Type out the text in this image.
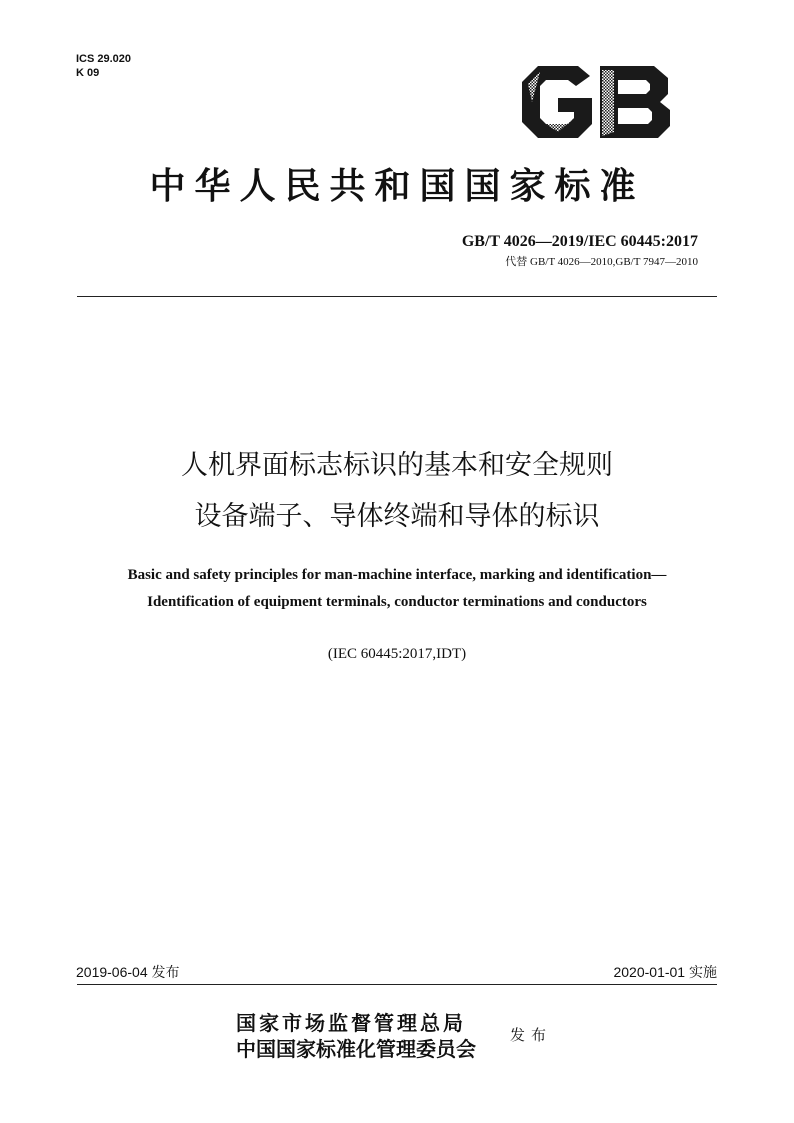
ICS 29.020
K 09
中华人民共和国国家标准
GB/T 4026—2019/IEC 60445:2017
代替 GB/T 4026—2010,GB/T 7947—2010
人机界面标志标识的基本和安全规则
设备端子、导体终端和导体的标识
Basic and safety principles for man-machine interface, marking and identification—
Identification of equipment terminals, conductor terminations and conductors
(IEC 60445:2017,IDT)
2019-06-04 发布	2020-01-01 实施
国家市场监督管理总局
中国国家标准化管理委员会
发布
